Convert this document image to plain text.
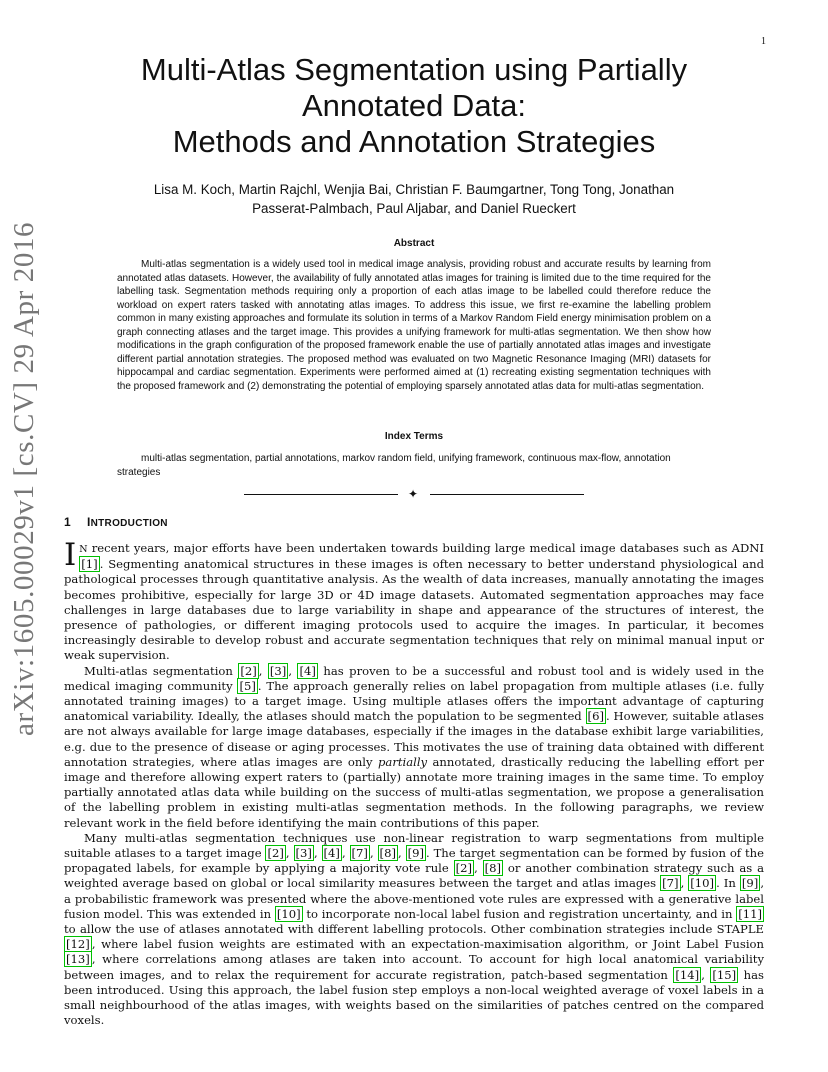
1
arXiv:1605.00029v1 [cs.CV] 29 Apr 2016
Multi-Atlas Segmentation using Partially
Annotated Data:
Methods and Annotation Strategies
Lisa M. Koch, Martin Rajchl, Wenjia Bai, Christian F. Baumgartner, Tong Tong, Jonathan
Passerat-Palmbach, Paul Aljabar, and Daniel Rueckert
Abstract
Multi-atlas segmentation is a widely used tool in medical image analysis, providing robust and accurate results by learning from annotated atlas datasets. However, the availability of fully annotated atlas images for training is limited due to the time required for the labelling task. Segmentation methods requiring only a proportion of each atlas image to be labelled could therefore reduce the workload on expert raters tasked with annotating atlas images. To address this issue, we first re-examine the labelling problem common in many existing approaches and formulate its solution in terms of a Markov Random Field energy minimisation problem on a graph connecting atlases and the target image. This provides a unifying framework for multi-atlas segmentation. We then show how modifications in the graph configuration of the proposed framework enable the use of partially annotated atlas images and investigate different partial annotation strategies. The proposed method was evaluated on two Magnetic Resonance Imaging (MRI) datasets for hippocampal and cardiac segmentation. Experiments were performed aimed at (1) recreating existing segmentation techniques with the proposed framework and (2) demonstrating the potential of employing sparsely annotated atlas data for multi-atlas segmentation.
Index Terms
multi-atlas segmentation, partial annotations, markov random field, unifying framework, continuous max-flow, annotation strategies
✦
1 INTRODUCTION

I N recent years, major efforts have been undertaken towards building large medical image databases such as ADNI [1] . Segmenting anatomical structures in these images is often necessary to better understand physiological and pathological processes through quantitative analysis. As the wealth of data increases, manually annotating the images becomes prohibitive, especially for large 3D or 4D image datasets. Automated segmentation approaches may face challenges in large databases due to large variability in shape and appearance of the structures of interest, the presence of pathologies, or different imaging protocols used to acquire the images. In particular, it becomes increasingly desirable to develop robust and accurate segmentation techniques that rely on minimal manual input or weak supervision.

Multi-atlas segmentation [2] , [3] , [4] has proven to be a successful and robust tool and is widely used in the medical imaging community [5] . The approach generally relies on label propagation from multiple atlases (i.e. fully annotated training images) to a target image. Using multiple atlases offers the important advantage of capturing anatomical variability. Ideally, the atlases should match the population to be segmented [6] . However, suitable atlases are not always available for large image databases, especially if the images in the database exhibit large variabilities, e.g. due to the presence of disease or aging processes. This motivates the use of training data obtained with different annotation strategies, where atlas images are only partially annotated, drastically reducing the labelling effort per image and therefore allowing expert raters to (partially) annotate more training images in the same time. To employ partially annotated atlas data while building on the success of multi-atlas segmentation, we propose a generalisation of the labelling problem in existing multi-atlas segmentation methods. In the following paragraphs, we review relevant work in the field before identifying the main contributions of this paper.

Many multi-atlas segmentation techniques use non-linear registration to warp segmentations from multiple suitable atlases to a target image [2] , [3] , [4] , [7] , [8] , [9] . The target segmentation can be formed by fusion of the propagated labels, for example by applying a majority vote rule [2] , [8] or another combination strategy such as a weighted average based on global or local similarity measures between the target and atlas images [7] , [10] . In [9] , a probabilistic framework was presented where the above-mentioned vote rules are expressed with a generative label fusion model. This was extended in [10] to incorporate non-local label fusion and registration uncertainty, and in [11] to allow the use of atlases annotated with different labelling protocols. Other combination strategies include STAPLE [12] , where label fusion weights are estimated with an expectation-maximisation algorithm, or Joint Label Fusion [13] , where correlations among atlases are taken into account. To account for high local anatomical variability between images, and to relax the requirement for accurate registration, patch-based segmentation [14] , [15] has been introduced. Using this approach, the label fusion step employs a non-local weighted average of voxel labels in a small neighbourhood of the atlas images, with weights based on the similarities of patches centred on the compared voxels.
